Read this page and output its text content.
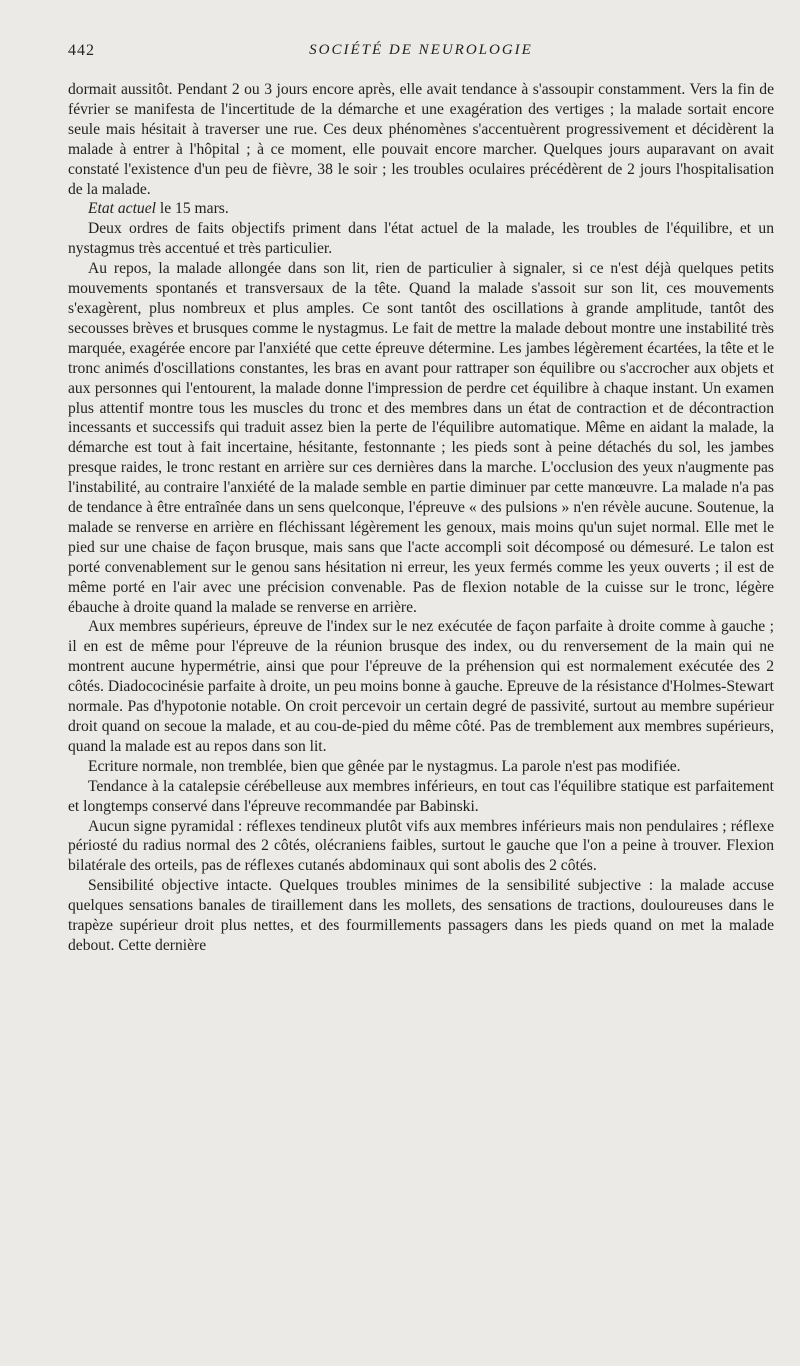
442	SOCIÉTÉ DE NEUROLOGIE

dormait aussitôt. Pendant 2 ou 3 jours encore après, elle avait tendance à s'assoupir constamment. Vers la fin de février se manifesta de l'incertitude de la démarche et une exagération des vertiges ; la malade sortait encore seule mais hésitait à traverser une rue. Ces deux phénomènes s'accentuèrent progressivement et décidèrent la malade à entrer à l'hôpital ; à ce moment, elle pouvait encore marcher. Quelques jours auparavant on avait constaté l'existence d'un peu de fièvre, 38 le soir ; les troubles oculaires précédèrent de 2 jours l'hospitalisation de la malade.

Etat actuel le 15 mars.

Deux ordres de faits objectifs priment dans l'état actuel de la malade, les troubles de l'équilibre, et un nystagmus très accentué et très particulier.

Au repos, la malade allongée dans son lit, rien de particulier à signaler, si ce n'est déjà quelques petits mouvements spontanés et transversaux de la tête. Quand la malade s'assoit sur son lit, ces mouvements s'exagèrent, plus nombreux et plus amples. Ce sont tantôt des oscillations à grande amplitude, tantôt des secousses brèves et brusques comme le nystagmus. Le fait de mettre la malade debout montre une instabilité très marquée, exagérée encore par l'anxiété que cette épreuve détermine. Les jambes légèrement écartées, la tête et le tronc animés d'oscillations constantes, les bras en avant pour rattraper son équilibre ou s'accrocher aux objets et aux personnes qui l'entourent, la malade donne l'impression de perdre cet équilibre à chaque instant. Un examen plus attentif montre tous les muscles du tronc et des membres dans un état de contraction et de décontraction incessants et successifs qui traduit assez bien la perte de l'équilibre automatique. Même en aidant la malade, la démarche est tout à fait incertaine, hésitante, festonnante ; les pieds sont à peine détachés du sol, les jambes presque raides, le tronc restant en arrière sur ces dernières dans la marche. L'occlusion des yeux n'augmente pas l'instabilité, au contraire l'anxiété de la malade semble en partie diminuer par cette manœuvre. La malade n'a pas de tendance à être entraînée dans un sens quelconque, l'épreuve « des pulsions » n'en révèle aucune. Soutenue, la malade se renverse en arrière en fléchissant légèrement les genoux, mais moins qu'un sujet normal. Elle met le pied sur une chaise de façon brusque, mais sans que l'acte accompli soit décomposé ou démesuré. Le talon est porté convenablement sur le genou sans hésitation ni erreur, les yeux fermés comme les yeux ouverts ; il est de même porté en l'air avec une précision convenable. Pas de flexion notable de la cuisse sur le tronc, légère ébauche à droite quand la malade se renverse en arrière.

Aux membres supérieurs, épreuve de l'index sur le nez exécutée de façon parfaite à droite comme à gauche ; il en est de même pour l'épreuve de la réunion brusque des index, ou du renversement de la main qui ne montrent aucune hypermétrie, ainsi que pour l'épreuve de la préhension qui est normalement exécutée des 2 côtés. Diadococinésie parfaite à droite, un peu moins bonne à gauche. Epreuve de la résistance d'Holmes-Stewart normale. Pas d'hypotonie notable. On croit percevoir un certain degré de passivité, surtout au membre supérieur droit quand on secoue la malade, et au cou-de-pied du même côté. Pas de tremblement aux membres supérieurs, quand la malade est au repos dans son lit.

Ecriture normale, non tremblée, bien que gênée par le nystagmus. La parole n'est pas modifiée.

Tendance à la catalepsie cérébelleuse aux membres inférieurs, en tout cas l'équilibre statique est parfaitement et longtemps conservé dans l'épreuve recommandée par Babinski.

Aucun signe pyramidal : réflexes tendineux plutôt vifs aux membres inférieurs mais non pendulaires ; réflexe périosté du radius normal des 2 côtés, olécraniens faibles, surtout le gauche que l'on a peine à trouver. Flexion bilatérale des orteils, pas de réflexes cutanés abdominaux qui sont abolis des 2 côtés.

Sensibilité objective intacte. Quelques troubles minimes de la sensibilité subjective : la malade accuse quelques sensations banales de tiraillement dans les mollets, des sensations de tractions, douloureuses dans le trapèze supérieur droit plus nettes, et des fourmillements passagers dans les pieds quand on met la malade debout. Cette dernière
